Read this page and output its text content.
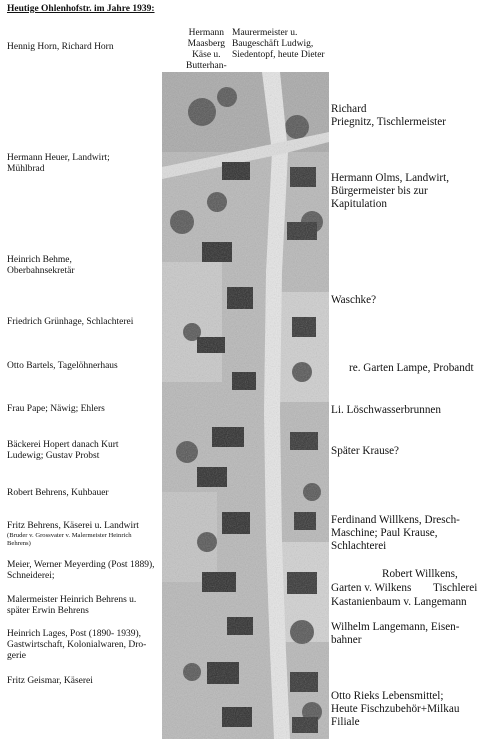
Heutige Ohlenhofstr. im Jahre 1939:
Hermann
Maasberg
Käse u.
Butterhan-

Maurermeister u.
Baugeschäft Ludwig,
Siedentopf, heute Dieter
Hennig Horn, Richard Horn
Hermann Heuer, Landwirt;
Mühlbrad
Heinrich Behme,
Oberbahnsekretär
Friedrich Grünhage, Schlachterei
Otto Bartels, Tagelöhnerhaus
Frau Pape; Näwig; Ehlers
Bäckerei Hopert danach Kurt
Ludewig; Gustav Probst
Robert Behrens, Kuhbauer
Fritz Behrens, Käserei u. Landwirt
(Bruder v. Grossvater v. Malermeister Heinrich
Behrens)
Meier, Werner Meyerding (Post 1889),
Schneiderei;
Malermeister Heinrich Behrens u.
später Erwin Behrens
Heinrich Lages, Post (1890- 1939),
Gastwirtschaft, Kolonialwaren, Dro-
gerie
Fritz Geismar, Käserei
Richard
Priegnitz, Tischlermeister
Hermann Olms, Landwirt,
Bürgermeister bis zur
Kapitulation
Waschke?
re. Garten Lampe, Probandt
Li. Löschwasserbrunnen
Später Krause?
Ferdinand Willkens, Dresch-
Maschine; Paul Krause,
Schlachterei
Robert Willkens,
Garten v. Wilkens Tischlerei
Kastanienbaum v. Langemann
Wilhelm Langemann, Eisen-
bahner
Otto Rieks Lebensmittel;
Heute Fischzubehör+Milkau
Filiale
